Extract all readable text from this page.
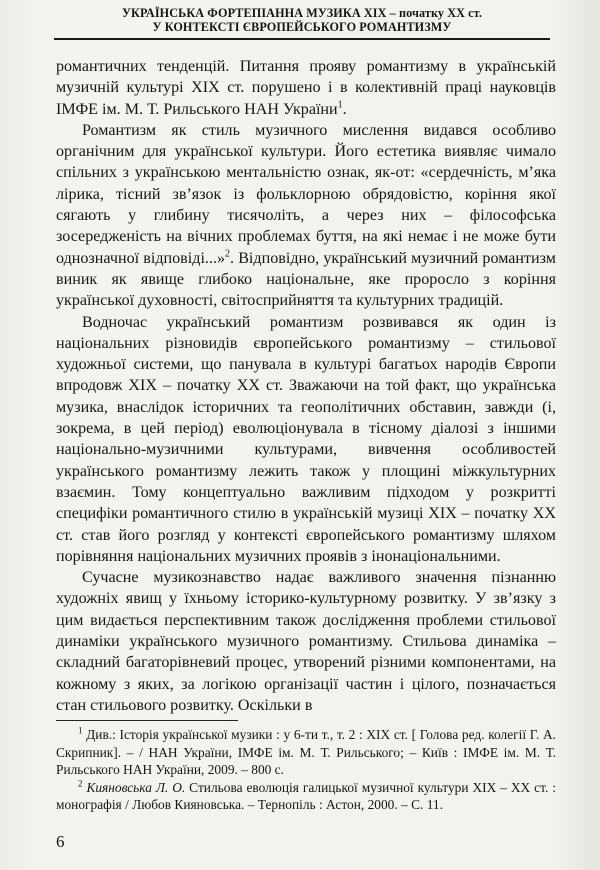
УКРАЇНСЬКА ФОРТЕПІАННА МУЗИКА XIX – початку XX ст.
У КОНТЕКСТІ ЄВРОПЕЙСЬКОГО РОМАНТИЗМУ

романтичних тенденцій. Питання прояву романтизму в українській музичній культурі XIX ст. порушено і в колективній праці науковців ІМФЕ ім. М. Т. Рильського НАН України$^1$.

Романтизм як стиль музичного мислення видався особливо органічним для української культури. Його естетика виявляє чимало спільних з українською ментальністю ознак, як-от: «сердечність, м’яка лірика, тісний зв’язок із фольклорною обрядовістю, коріння якої сягають у глибину тисячоліть, а через них – філософська зосередженість на вічних проблемах буття, на які немає і не може бути однозначної відповіді...»$^2$. Відповідно, український музичний романтизм виник як явище глибоко національне, яке проросло з коріння української духовності, світосприйняття та культурних традицій.

Водночас український романтизм розвивався як один із національних різновидів європейського романтизму – стильової художньої системи, що панувала в культурі багатьох народів Європи впродовж XIX – початку XX ст. Зважаючи на той факт, що українська музика, внаслідок історичних та геополітичних обставин, завжди (і, зокрема, в цей період) еволюціонувала в тісному діалозі з іншими національно-музичними культурами, вивчення особливостей українського романтизму лежить також у площині міжкультурних взаємин. Тому концептуально важливим підходом у розкритті специфіки романтичного стилю в українській музиці XIX – початку XX ст. став його розгляд у контексті європейського романтизму шляхом порівняння національних музичних проявів з інонаціональними.

Сучасне музикознавство надає важливого значення пізнанню художніх явищ у їхньому історико-культурному розвитку. У зв’язку з цим видається перспективним також дослідження проблеми стильової динаміки українського музичного романтизму. Стильова динаміка – складний багаторівневий процес, утворений різними компонентами, на кожному з яких, за логікою організації частин і цілого, позначається стан стильового розвитку. Оскільки в

$^1$ Див.: Історія української музики : у 6-ти т., т. 2 : XIX ст. [ Голова ред. колегії Г. А. Скрипник]. – / НАН України, ІМФЕ ім. М. Т. Рильського; – Київ : ІМФЕ ім. М. Т. Рильського НАН України, 2009. – 800 с.

$^2$ Кияновська Л. О. Стильова еволюція галицької музичної культури XIX – XX ст. : монографія / Любов Кияновська. – Тернопіль : Астон, 2000. – С. 11.

6
